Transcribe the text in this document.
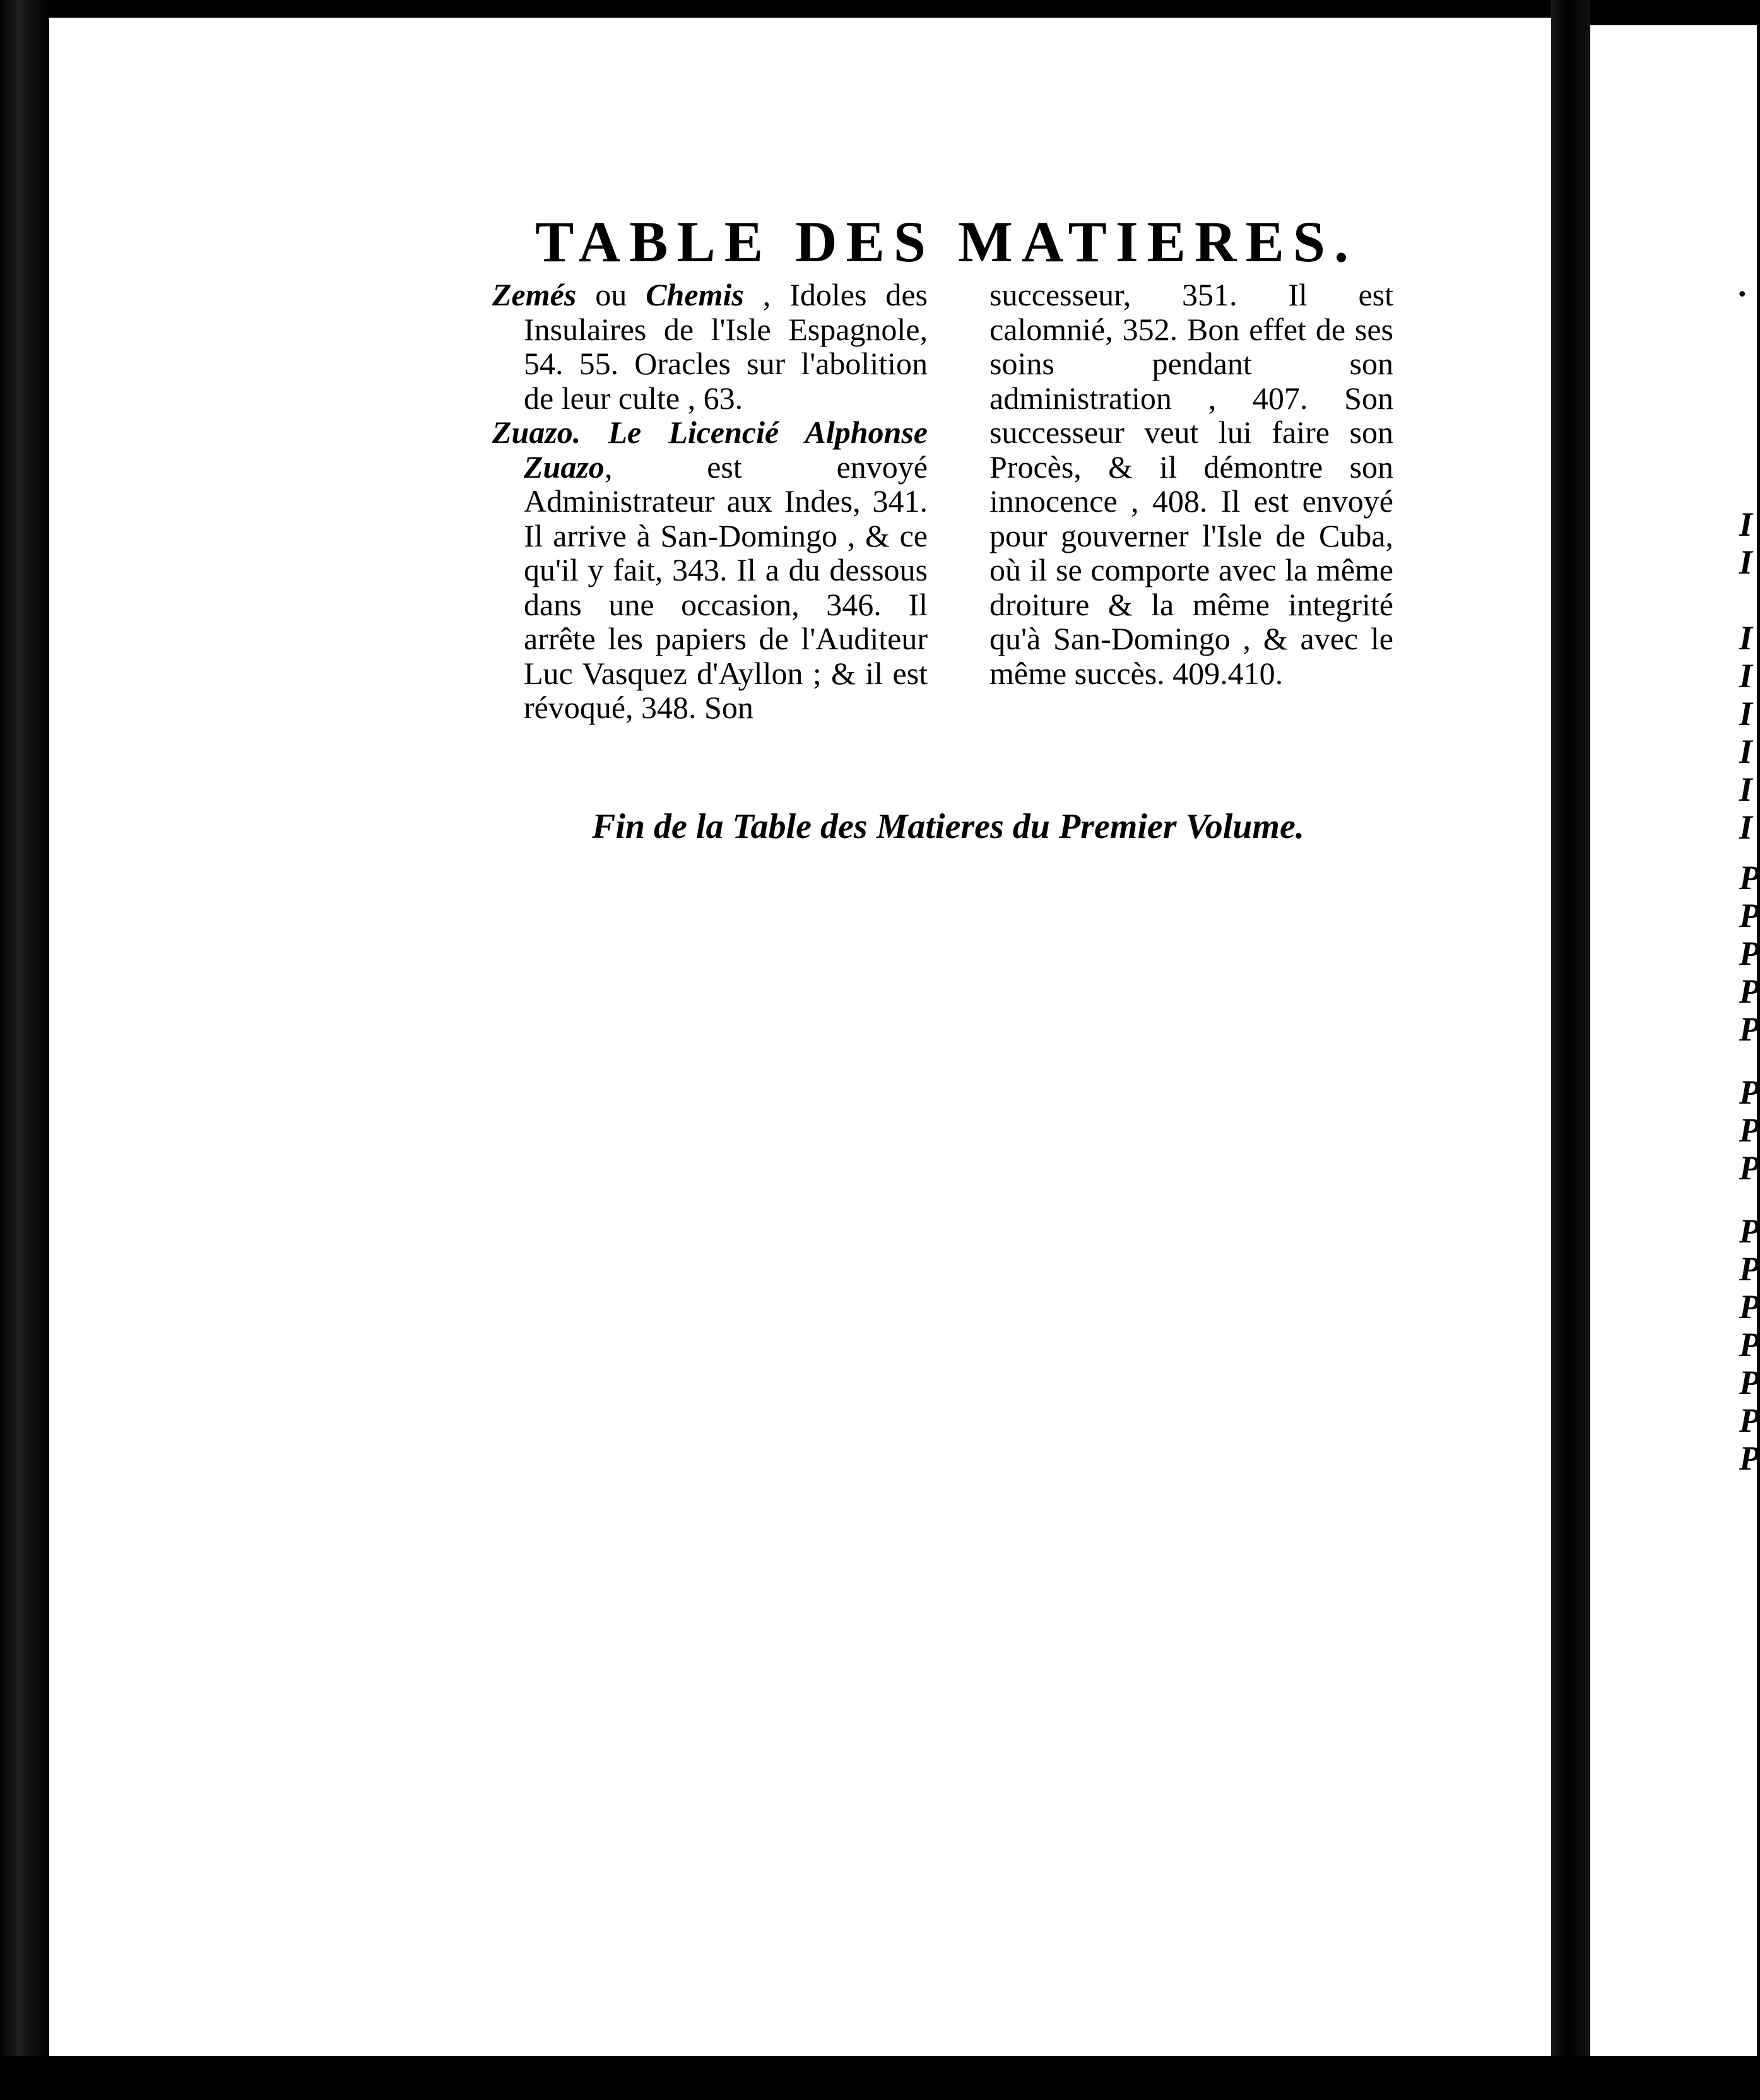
.
I
I
I
I
I
I
I
I
P
P
P
P
P
P
P
P
P
P
P
P
P
P
P
TABLE DES MATIERES.

Zemés ou Chemis , Idoles des Insulaires de l'Isle Espagnole, 54. 55. Oracles sur l'abolition de leur culte , 63.

Zuazo. Le Licencié Alphonse Zuazo, est envoyé Administrateur aux Indes, 341. Il arrive à San-Domingo , & ce qu'il y fait, 343. Il a du dessous dans une occasion, 346. Il arrête les papiers de l'Auditeur Luc Vasquez d'Ayllon ; & il est révoqué, 348. Son

successeur, 351. Il est calomnié, 352. Bon effet de ses soins pendant son administration , 407. Son successeur veut lui faire son Procès, & il démontre son innocence , 408. Il est envoyé pour gouverner l'Isle de Cuba, où il se comporte avec la même droiture & la même integrité qu'à San-Domingo , & avec le même succès. 409.410.

Fin de la Table des Matieres du Premier Volume.
